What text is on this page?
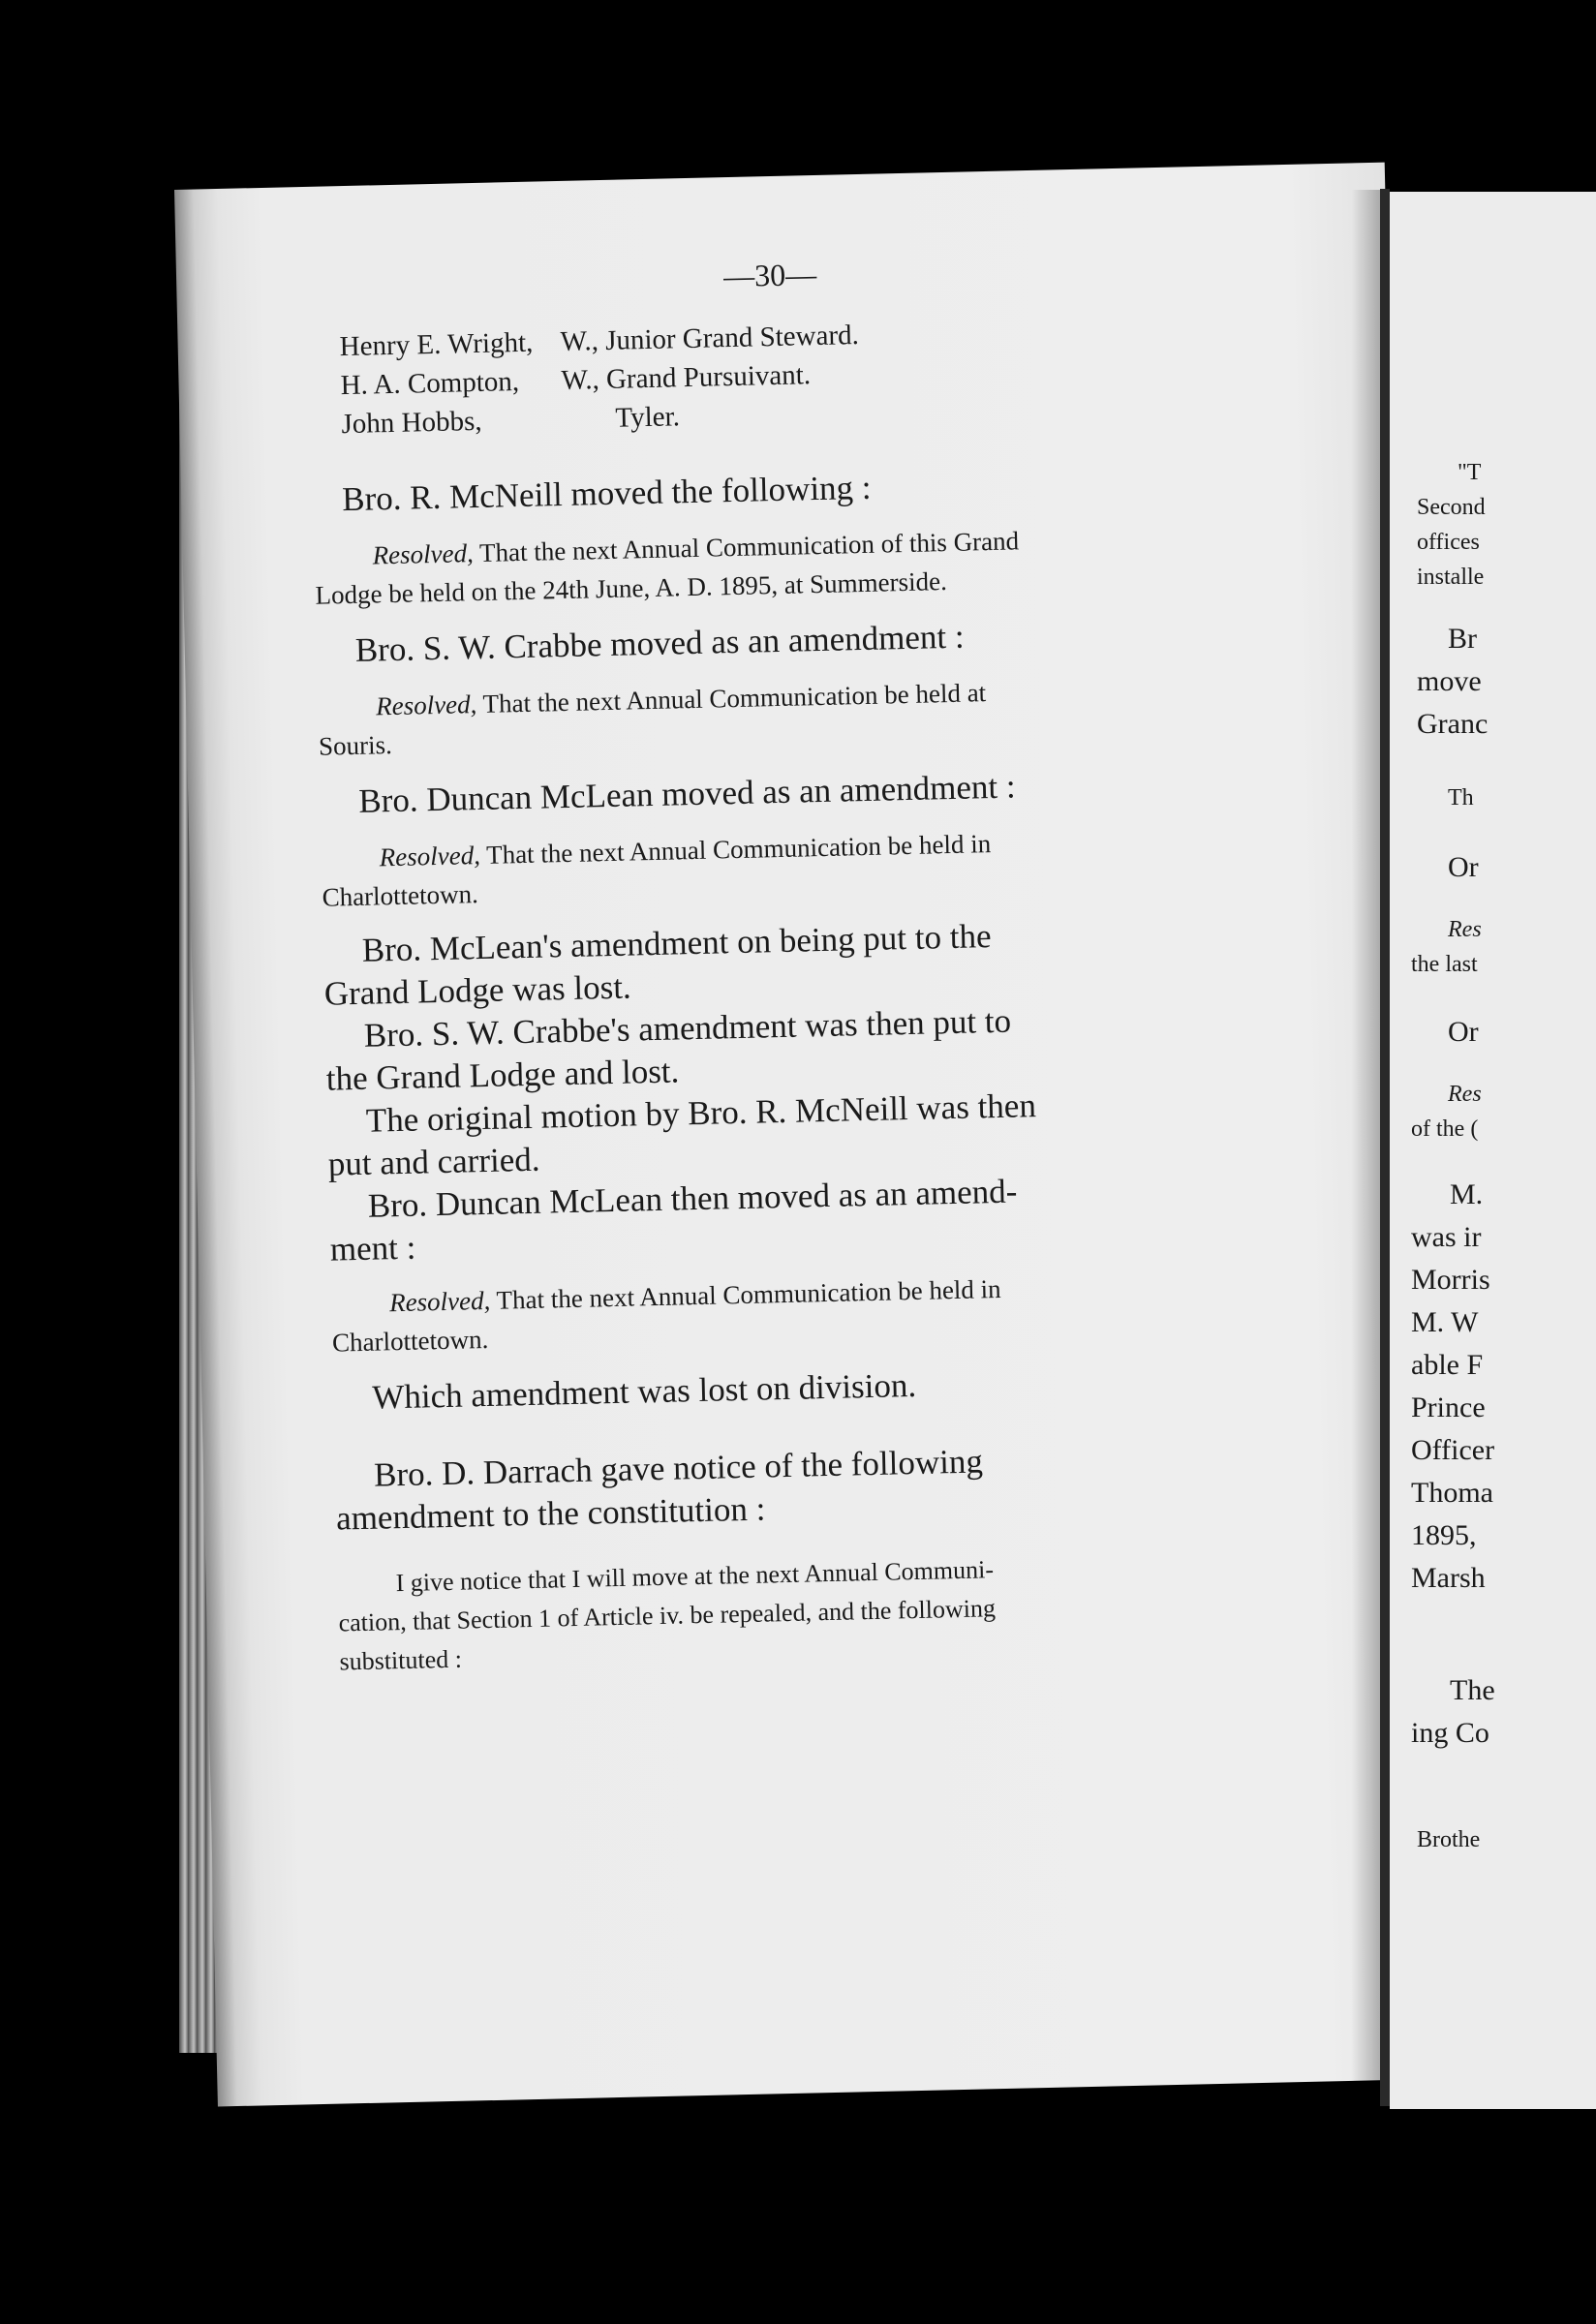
—30—
Henry E. Wright, W., Junior Grand Steward.
H. A. Compton, W., Grand Pursuivant.
John Hobbs,	Tyler.
Bro. R. McNeill moved the following :
Resolved, That the next Annual Communication of this Grand
Lodge be held on the 24th June, A. D. 1895, at Summerside.
Bro. S. W. Crabbe moved as an amendment :
Resolved, That the next Annual Communication be held at
Souris.
Bro. Duncan McLean moved as an amendment :
Resolved, That the next Annual Communication be held in
Charlottetown.
Bro. McLean's amendment on being put to the
Grand Lodge was lost.
Bro. S. W. Crabbe's amendment was then put to
the Grand Lodge and lost.
The original motion by Bro. R. McNeill was then
put and carried.
Bro. Duncan McLean then moved as an amend-
ment :
Resolved, That the next Annual Communication be held in
Charlottetown.
Which amendment was lost on division.
Bro. D. Darrach gave notice of the following
amendment to the constitution :
I give notice that I will move at the next Annual Communi-
cation, that Section 1 of Article iv. be repealed, and the following
substituted :
"T
Second
offices
installe
Br
move
Granc
Th
Or
Res
the last
Or
Res
of the (
M.
was ir
Morris
M. W
able F
Prince
Officer
Thoma
1895,
Marsh
The
ing Co
Brothe
